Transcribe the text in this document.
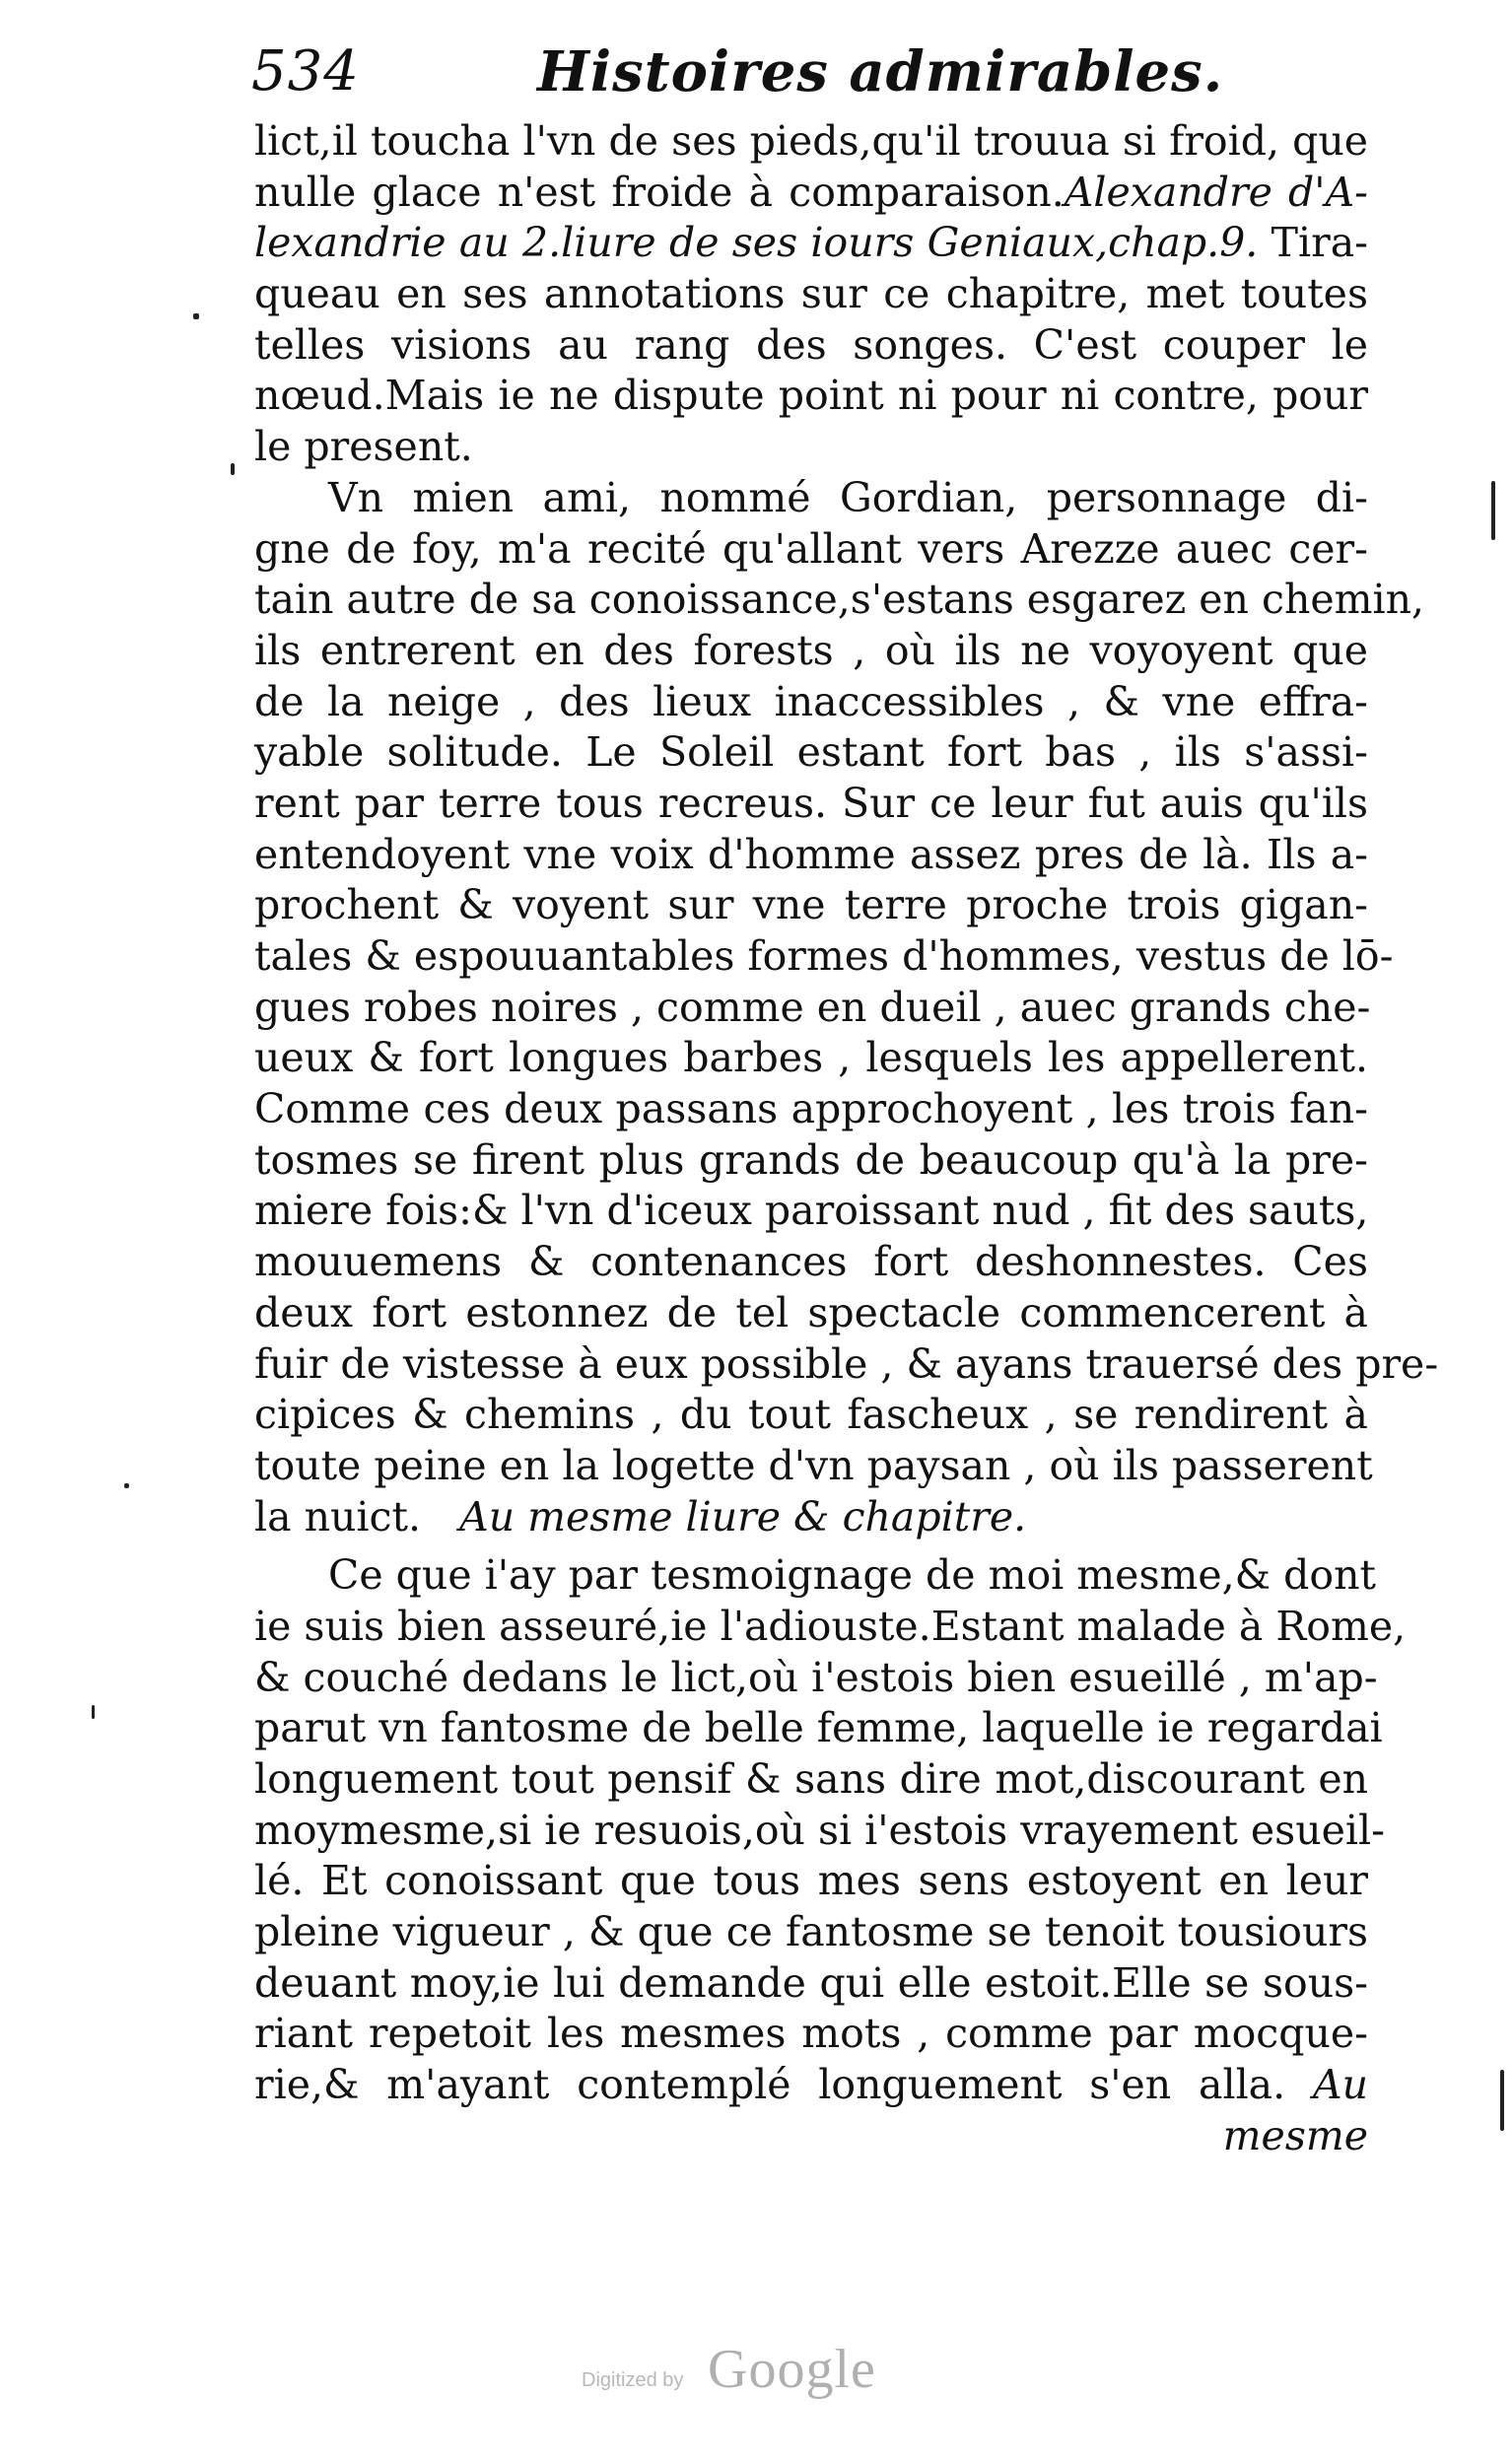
534	Histoires admirables.
lict,il toucha l'vn de ses pieds,qu'il trouua si froid, que
nulle glace n'est froide à comparaison.Alexandre d'A-
lexandrie au 2.liure de ses iours Geniaux,chap.9. Tira-
queau en ses annotations sur ce chapitre, met toutes
telles visions au rang des songes. C'est couper le
nœud.Mais ie ne dispute point ni pour ni contre, pour
le present.
Vn mien ami, nommé Gordian, personnage di-
gne de foy, m'a recité qu'allant vers Arezze auec cer-
tain autre de sa conoissance,s'estans esgarez en chemin,
ils entrerent en des forests , où ils ne voyoyent que
de la neige , des lieux inaccessibles , & vne effra-
yable solitude. Le Soleil estant fort bas , ils s'assi-
rent par terre tous recreus. Sur ce leur fut auis qu'ils
entendoyent vne voix d'homme assez pres de là. Ils a-
prochent & voyent sur vne terre proche trois gigan-
tales & espouuantables formes d'hommes, vestus de lō-
gues robes noires , comme en dueil , auec grands che-
ueux & fort longues barbes , lesquels les appellerent.
Comme ces deux passans approchoyent , les trois fan-
tosmes se firent plus grands de beaucoup qu'à la pre-
miere fois:& l'vn d'iceux paroissant nud , fit des sauts,
mouuemens & contenances fort deshonnestes. Ces
deux fort estonnez de tel spectacle commencerent à
fuir de vistesse à eux possible , & ayans trauersé des pre-
cipices & chemins , du tout fascheux , se rendirent à
toute peine en la logette d'vn paysan , où ils passerent
la nuict. Au mesme liure & chapitre.
Ce que i'ay par tesmoignage de moi mesme,& dont
ie suis bien asseuré,ie l'adiouste.Estant malade à Rome,
& couché dedans le lict,où i'estois bien esueillé , m'ap-
parut vn fantosme de belle femme, laquelle ie regardai
longuement tout pensif & sans dire mot,discourant en
moymesme,si ie resuois,où si i'estois vrayement esueil-
lé. Et conoissant que tous mes sens estoyent en leur
pleine vigueur , & que ce fantosme se tenoit tousiours
deuant moy,ie lui demande qui elle estoit.Elle se sous-
riant repetoit les mesmes mots , comme par mocque-
rie,& m'ayant contemplé longuement s'en alla. Au
mesme
Digitized by Google
